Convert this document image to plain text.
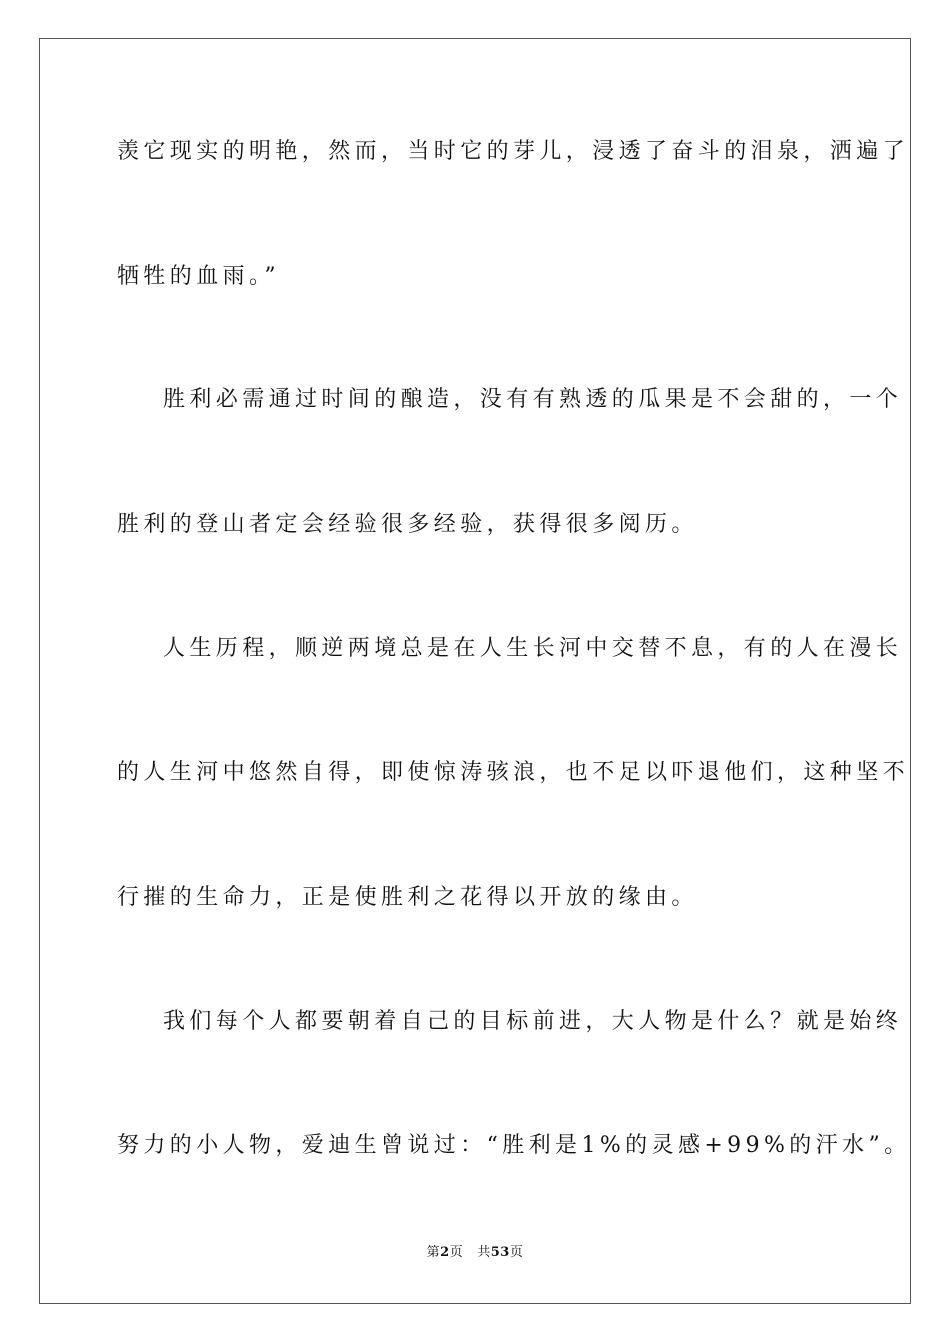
羡它现实的明艳，然而，当时它的芽儿，浸透了奋斗的泪泉，洒遍了
牺牲的血雨。”
胜利必需通过时间的酿造，没有有熟透的瓜果是不会甜的，一个
胜利的登山者定会经验很多经验，获得很多阅历。
人生历程，顺逆两境总是在人生长河中交替不息，有的人在漫长
的人生河中悠然自得，即使惊涛骇浪，也不足以吓退他们，这种坚不
行摧的生命力，正是使胜利之花得以开放的缘由。
我们每个人都要朝着自己的目标前进，大人物是什么？就是始终
努力的小人物，爱迪生曾说过：“胜利是1%的灵感+99%的汗水”。
第2页 共53页
